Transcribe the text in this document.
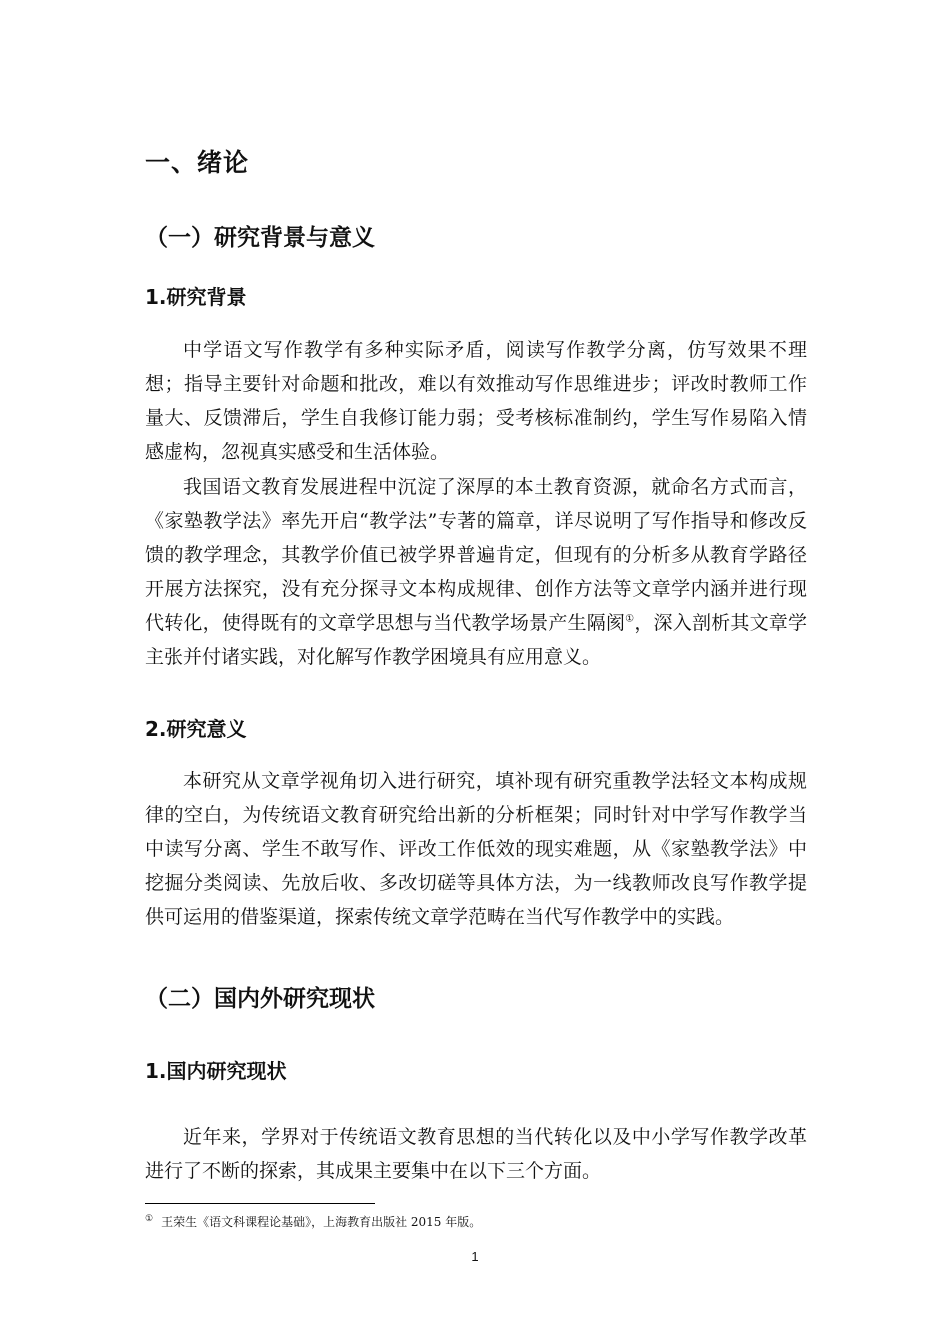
一、绪论
（一）研究背景与意义
1.研究背景

中学语文写作教学有多种实际矛盾，阅读写作教学分离，仿写效果不理想；指导主要针对命题和批改，难以有效推动写作思维进步；评改时教师工作量大、反馈滞后，学生自我修订能力弱；受考核标准制约，学生写作易陷入情感虚构，忽视真实感受和生活体验。

我国语文教育发展进程中沉淀了深厚的本土教育资源，就命名方式而言，《家塾教学法》率先开启“教学法”专著的篇章，详尽说明了写作指导和修改反馈的教学理念，其教学价值已被学界普遍肯定，但现有的分析多从教育学路径开展方法探究，没有充分探寻文本构成规律、创作方法等文章学内涵并进行现代转化，使得既有的文章学思想与当代教学场景产生隔阂①，深入剖析其文章学主张并付诸实践，对化解写作教学困境具有应用意义。

2.研究意义

本研究从文章学视角切入进行研究，填补现有研究重教学法轻文本构成规律的空白，为传统语文教育研究给出新的分析框架；同时针对中学写作教学当中读写分离、学生不敢写作、评改工作低效的现实难题，从《家塾教学法》中挖掘分类阅读、先放后收、多改切磋等具体方法，为一线教师改良写作教学提供可运用的借鉴渠道，探索传统文章学范畴在当代写作教学中的实践。

（二）国内外研究现状
1.国内研究现状

近年来，学界对于传统语文教育思想的当代转化以及中小学写作教学改革进行了不断的探索，其成果主要集中在以下三个方面。

① 王荣生《语文科课程论基础》，上海教育出版社 2015 年版。

1
